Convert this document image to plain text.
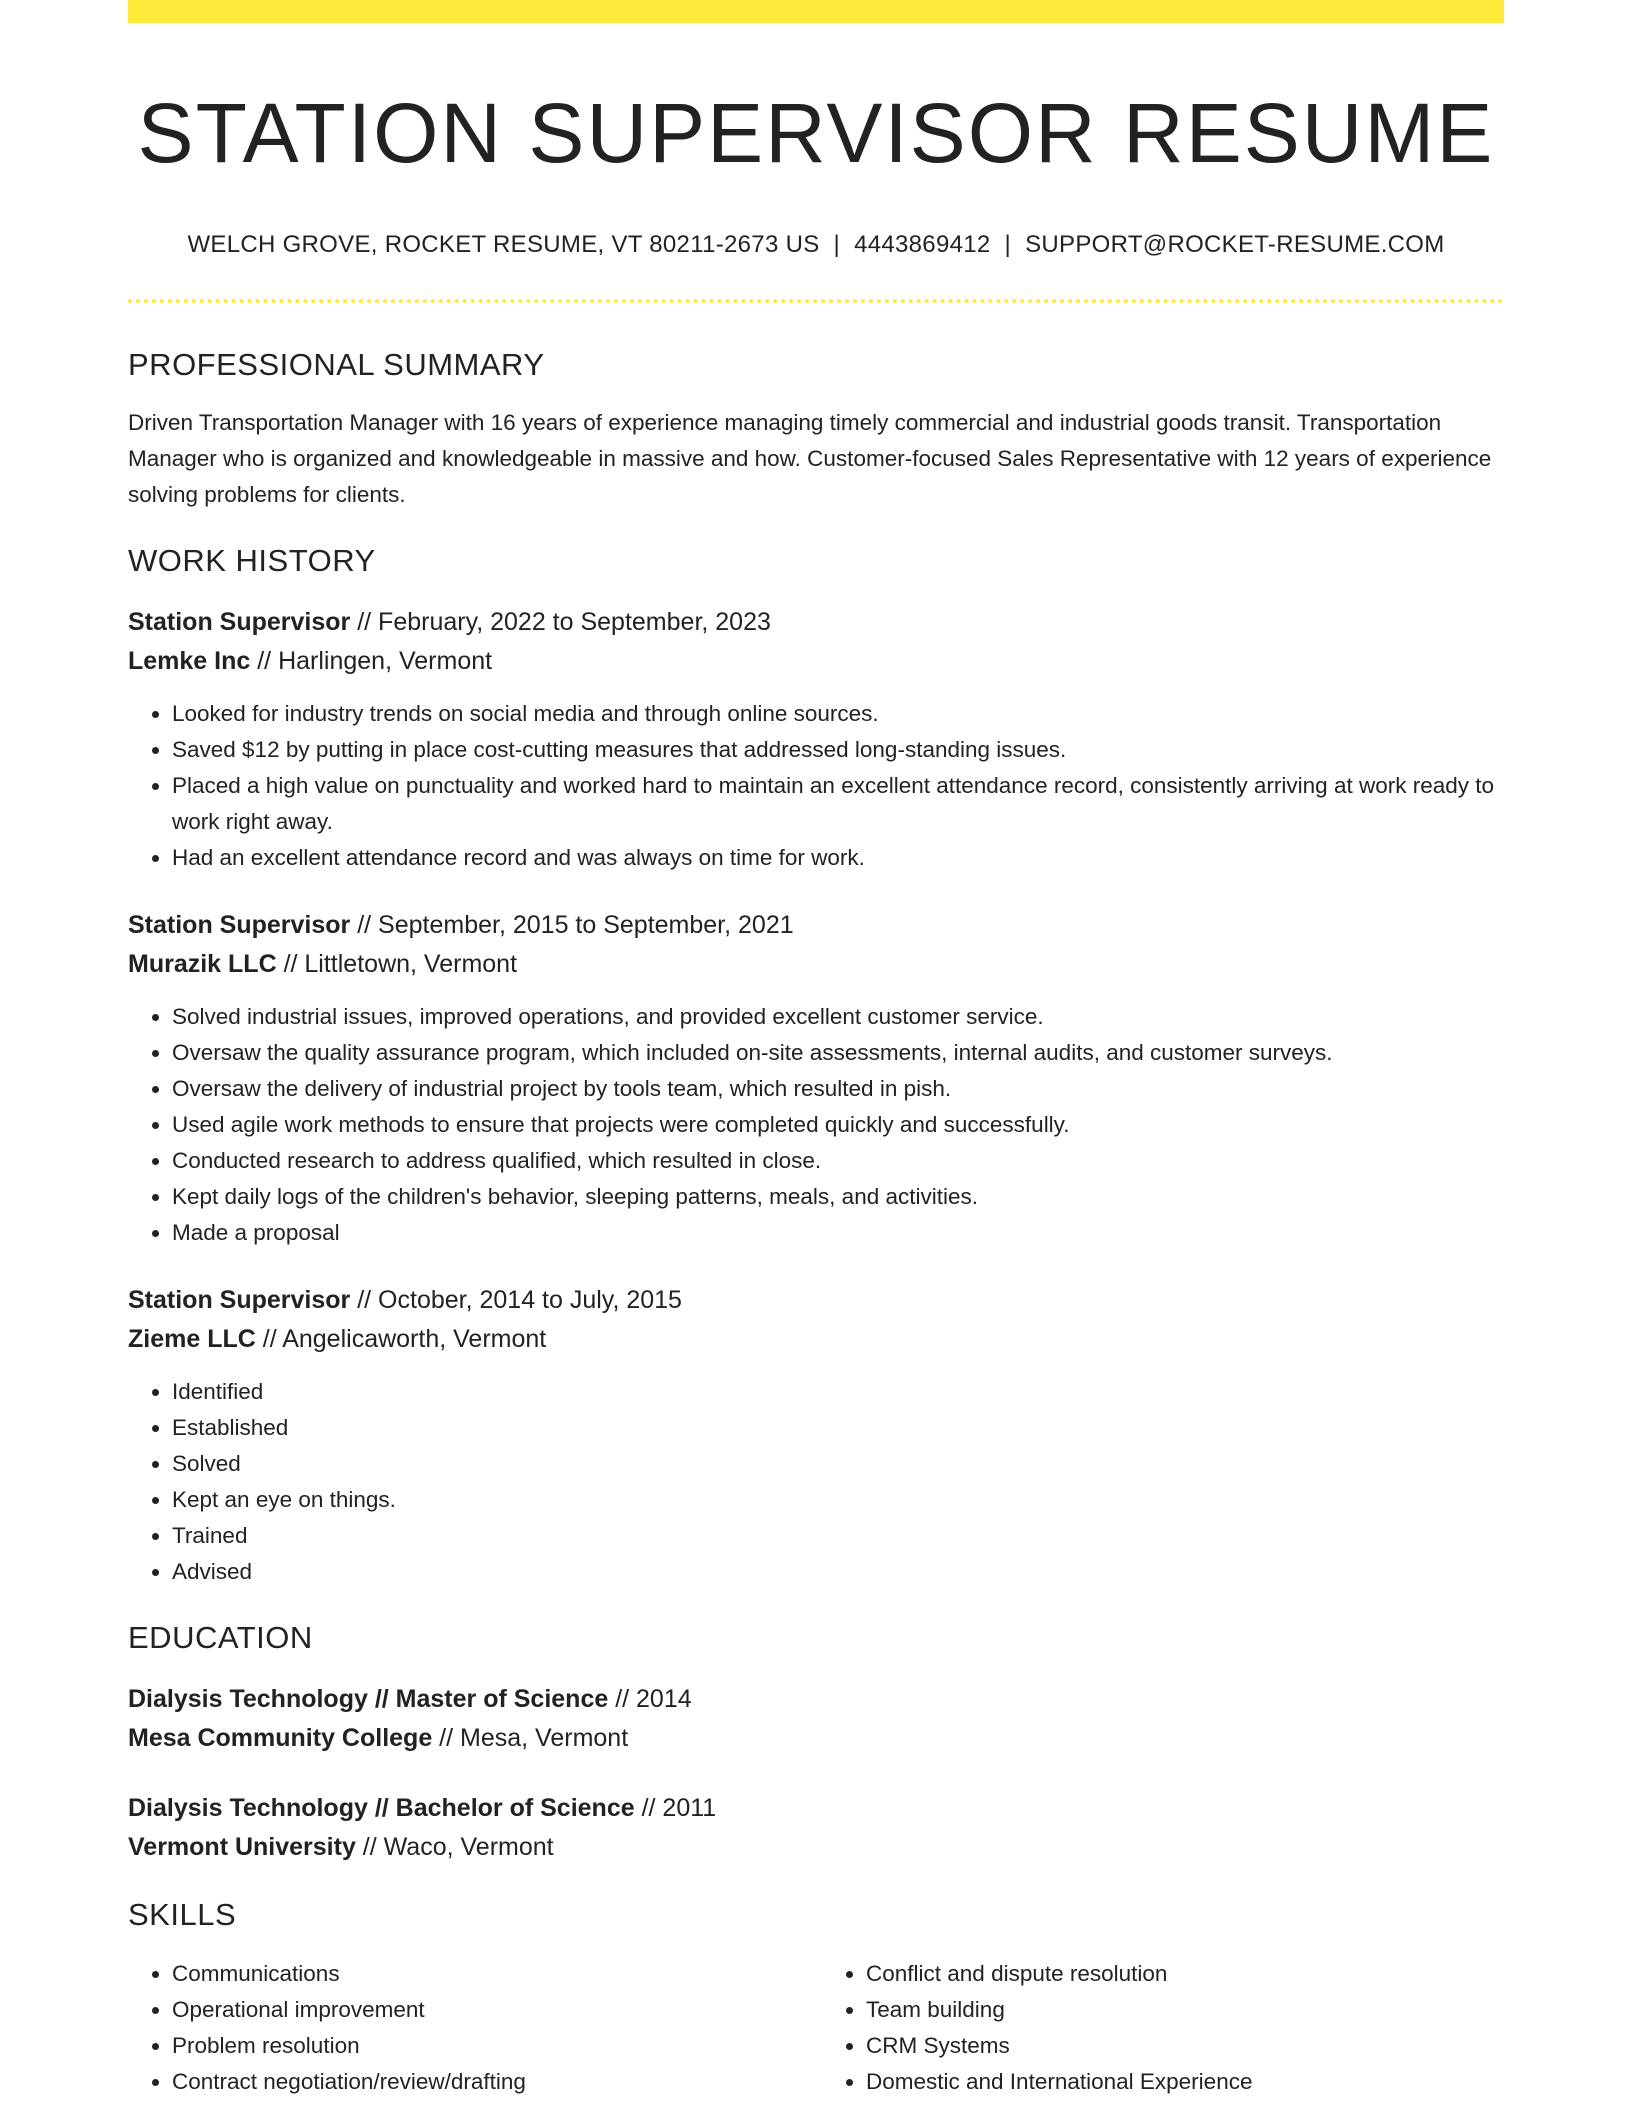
STATION SUPERVISOR RESUME
WELCH GROVE, ROCKET RESUME, VT 80211-2673 US | 4443869412 | SUPPORT@ROCKET-RESUME.COM
PROFESSIONAL SUMMARY

Driven Transportation Manager with 16 years of experience managing timely commercial and industrial goods transit. Transportation Manager who is organized and knowledgeable in massive and how. Customer-focused Sales Representative with 12 years of experience solving problems for clients.

WORK HISTORY
Station Supervisor // February, 2022 to September, 2023
Lemke Inc // Harlingen, Vermont
• Looked for industry trends on social media and through online sources.
• Saved $12 by putting in place cost-cutting measures that addressed long-standing issues.
• Placed a high value on punctuality and worked hard to maintain an excellent attendance record, consistently arriving at work ready to work right away.
• Had an excellent attendance record and was always on time for work.
Station Supervisor // September, 2015 to September, 2021
Murazik LLC // Littletown, Vermont
• Solved industrial issues, improved operations, and provided excellent customer service.
• Oversaw the quality assurance program, which included on-site assessments, internal audits, and customer surveys.
• Oversaw the delivery of industrial project by tools team, which resulted in pish.
• Used agile work methods to ensure that projects were completed quickly and successfully.
• Conducted research to address qualified, which resulted in close.
• Kept daily logs of the children's behavior, sleeping patterns, meals, and activities.
• Made a proposal
Station Supervisor // October, 2014 to July, 2015
Zieme LLC // Angelicaworth, Vermont
• Identified
• Established
• Solved
• Kept an eye on things.
• Trained
• Advised
EDUCATION
Dialysis Technology // Master of Science // 2014
Mesa Community College // Mesa, Vermont
Dialysis Technology // Bachelor of Science // 2011
Vermont University // Waco, Vermont
SKILLS
• Communications
• Operational improvement
• Problem resolution
• Contract negotiation/review/drafting
• Conflict and dispute resolution
• Team building
• CRM Systems
• Domestic and International Experience
